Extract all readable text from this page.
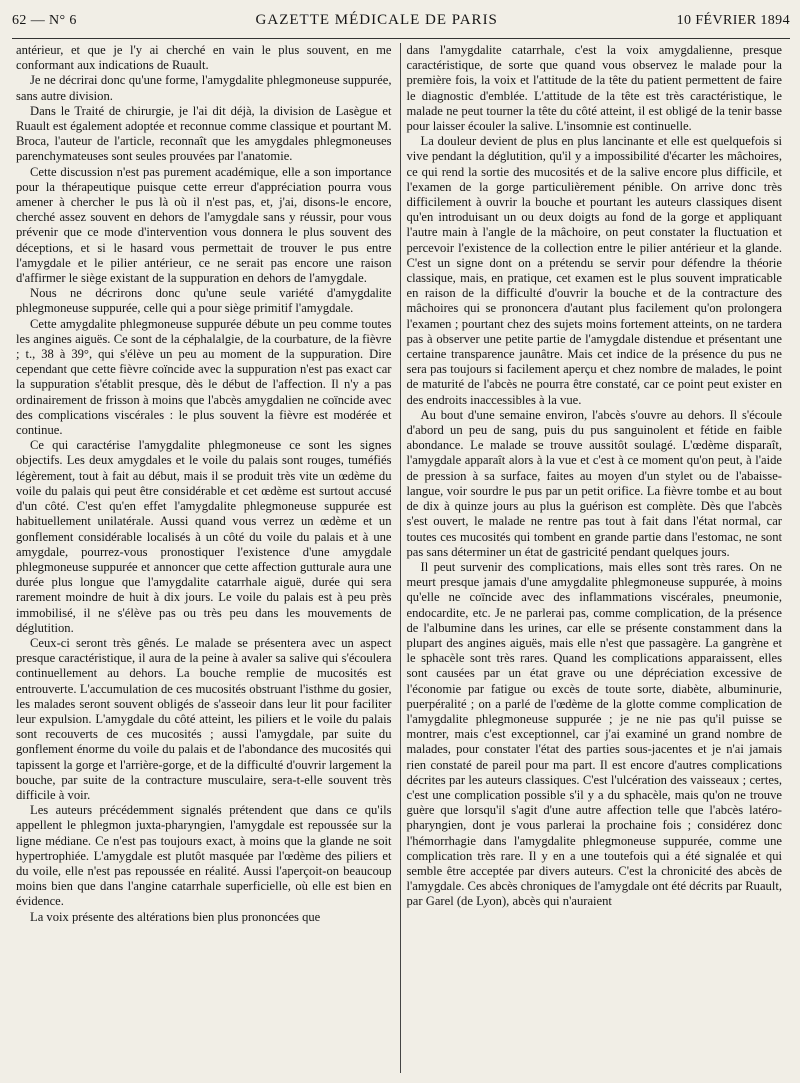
62 — N° 6	GAZETTE MÉDICALE DE PARIS	10 FÉVRIER 1894

antérieur, et que je l'y ai cherché en vain le plus souvent, en me conformant aux indications de Ruault.

Je ne décrirai donc qu'une forme, l'amygdalite phlegmoneuse suppurée, sans autre division.

Dans le Traité de chirurgie, je l'ai dit déjà, la division de Lasègue et Ruault est également adoptée et reconnue comme classique et pourtant M. Broca, l'auteur de l'article, reconnaît que les amygdales phlegmoneuses parenchymateuses sont seules prouvées par l'anatomie.

Cette discussion n'est pas purement académique, elle a son importance pour la thérapeutique puisque cette erreur d'appréciation pourra vous amener à chercher le pus là où il n'est pas, et, j'ai, disons-le encore, cherché assez souvent en dehors de l'amygdale sans y réussir, pour vous prévenir que ce mode d'intervention vous donnera le plus souvent des déceptions, et si le hasard vous permettait de trouver le pus entre l'amygdale et le pilier antérieur, ce ne serait pas encore une raison d'affirmer le siège existant de la suppuration en dehors de l'amygdale.

Nous ne décrirons donc qu'une seule variété d'amygdalite phlegmoneuse suppurée, celle qui a pour siège primitif l'amygdale.

Cette amygdalite phlegmoneuse suppurée débute un peu comme toutes les angines aiguës. Ce sont de la céphalalgie, de la courbature, de la fièvre ; t., 38 à 39°, qui s'élève un peu au moment de la suppuration. Dire cependant que cette fièvre coïncide avec la suppuration n'est pas exact car la suppuration s'établit presque, dès le début de l'affection. Il n'y a pas ordinairement de frisson à moins que l'abcès amygdalien ne coïncide avec des complications viscérales : le plus souvent la fièvre est modérée et continue.

Ce qui caractérise l'amygdalite phlegmoneuse ce sont les signes objectifs. Les deux amygdales et le voile du palais sont rouges, tuméfiés légèrement, tout à fait au début, mais il se produit très vite un œdème du voile du palais qui peut être considérable et cet œdème est surtout accusé d'un côté. C'est qu'en effet l'amygdalite phlegmoneuse suppurée est habituellement unilatérale. Aussi quand vous verrez un œdème et un gonflement considérable localisés à un côté du voile du palais et à une amygdale, pourrez-vous pronostiquer l'existence d'une amygdale phlegmoneuse suppurée et annoncer que cette affection gutturale aura une durée plus longue que l'amygdalite catarrhale aiguë, durée qui sera rarement moindre de huit à dix jours. Le voile du palais est à peu près immobilisé, il ne s'élève pas ou très peu dans les mouvements de déglutition.

Ceux-ci seront très gênés. Le malade se présentera avec un aspect presque caractéristique, il aura de la peine à avaler sa salive qui s'écoulera continuellement au dehors. La bouche remplie de mucosités est entrouverte. L'accumulation de ces mucosités obstruant l'isthme du gosier, les malades seront souvent obligés de s'asseoir dans leur lit pour faciliter leur expulsion. L'amygdale du côté atteint, les piliers et le voile du palais sont recouverts de ces mucosités ; aussi l'amygdale, par suite du gonflement énorme du voile du palais et de l'abondance des mucosités qui tapissent la gorge et l'arrière-gorge, et de la difficulté d'ouvrir largement la bouche, par suite de la contracture musculaire, sera-t-elle souvent très difficile à voir.

Les auteurs précédemment signalés prétendent que dans ce qu'ils appellent le phlegmon juxta-pharyngien, l'amygdale est repoussée sur la ligne médiane. Ce n'est pas toujours exact, à moins que la glande ne soit hypertrophiée. L'amygdale est plutôt masquée par l'œdème des piliers et du voile, elle n'est pas repoussée en réalité. Aussi l'aperçoit-on beaucoup moins bien que dans l'angine catarrhale superficielle, où elle est bien en évidence.

La voix présente des altérations bien plus prononcées que

dans l'amygdalite catarrhale, c'est la voix amygdalienne, presque caractéristique, de sorte que quand vous observez le malade pour la première fois, la voix et l'attitude de la tête du patient permettent de faire le diagnostic d'emblée. L'attitude de la tête est très caractéristique, le malade ne peut tourner la tête du côté atteint, il est obligé de la tenir basse pour laisser écouler la salive. L'insomnie est continuelle.

La douleur devient de plus en plus lancinante et elle est quelquefois si vive pendant la déglutition, qu'il y a impossibilité d'écarter les mâchoires, ce qui rend la sortie des mucosités et de la salive encore plus difficile, et l'examen de la gorge particulièrement pénible. On arrive donc très difficilement à ouvrir la bouche et pourtant les auteurs classiques disent qu'en introduisant un ou deux doigts au fond de la gorge et appliquant l'autre main à l'angle de la mâchoire, on peut constater la fluctuation et percevoir l'existence de la collection entre le pilier antérieur et la glande. C'est un signe dont on a prétendu se servir pour défendre la théorie classique, mais, en pratique, cet examen est le plus souvent impraticable en raison de la difficulté d'ouvrir la bouche et de la contracture des mâchoires qui se prononcera d'autant plus facilement qu'on prolongera l'examen ; pourtant chez des sujets moins fortement atteints, on ne tardera pas à observer une petite partie de l'amygdale distendue et présentant une certaine transparence jaunâtre. Mais cet indice de la présence du pus ne sera pas toujours si facilement aperçu et chez nombre de malades, le point de maturité de l'abcès ne pourra être constaté, car ce point peut exister en des endroits inaccessibles à la vue.

Au bout d'une semaine environ, l'abcès s'ouvre au dehors. Il s'écoule d'abord un peu de sang, puis du pus sanguinolent et fétide en faible abondance. Le malade se trouve aussitôt soulagé. L'œdème disparaît, l'amygdale apparaît alors à la vue et c'est à ce moment qu'on peut, à l'aide de pression à sa surface, faites au moyen d'un stylet ou de l'abaisse-langue, voir sourdre le pus par un petit orifice. La fièvre tombe et au bout de dix à quinze jours au plus la guérison est complète. Dès que l'abcès s'est ouvert, le malade ne rentre pas tout à fait dans l'état normal, car toutes ces mucosités qui tombent en grande partie dans l'estomac, ne sont pas sans déterminer un état de gastricité pendant quelques jours.

Il peut survenir des complications, mais elles sont très rares. On ne meurt presque jamais d'une amygdalite phlegmoneuse suppurée, à moins qu'elle ne coïncide avec des inflammations viscérales, pneumonie, endocardite, etc. Je ne parlerai pas, comme complication, de la présence de l'albumine dans les urines, car elle se présente constamment dans la plupart des angines aiguës, mais elle n'est que passagère. La gangrène et le sphacèle sont très rares. Quand les complications apparaissent, elles sont causées par un état grave ou une dépréciation excessive de l'économie par fatigue ou excès de toute sorte, diabète, albuminurie, puerpéralité ; on a parlé de l'œdème de la glotte comme complication de l'amygdalite phlegmoneuse suppurée ; je ne nie pas qu'il puisse se montrer, mais c'est exceptionnel, car j'ai examiné un grand nombre de malades, pour constater l'état des parties sous-jacentes et je n'ai jamais rien constaté de pareil pour ma part. Il est encore d'autres complications décrites par les auteurs classiques. C'est l'ulcération des vaisseaux ; certes, c'est une complication possible s'il y a du sphacèle, mais qu'on ne trouve guère que lorsqu'il s'agit d'une autre affection telle que l'abcès latéro-pharyngien, dont je vous parlerai la prochaine fois ; considérez donc l'hémorrhagie dans l'amygdalite phlegmoneuse suppurée, comme une complication très rare. Il y en a une toutefois qui a été signalée et qui semble être acceptée par divers auteurs. C'est la chronicité des abcès de l'amygdale. Ces abcès chroniques de l'amygdale ont été décrits par Ruault, par Garel (de Lyon), abcès qui n'auraient
